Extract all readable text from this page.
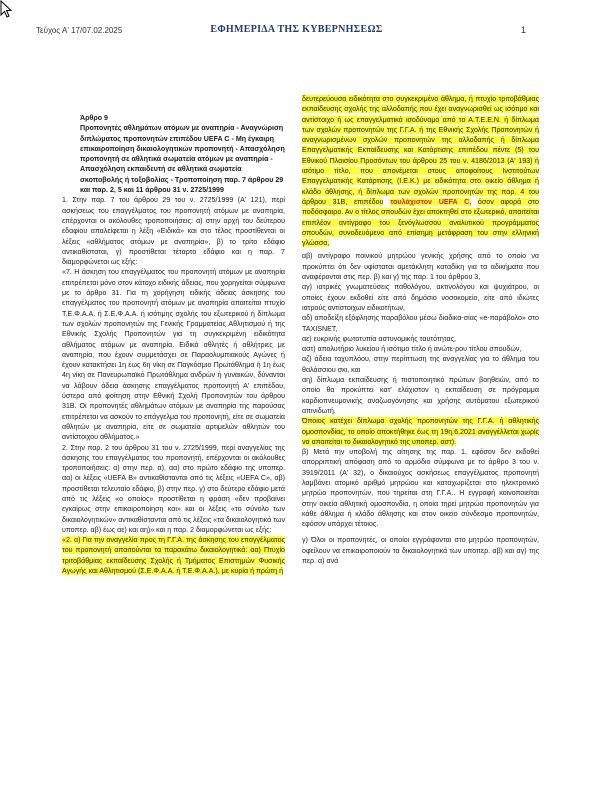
Τεύχος Α' 17/07.02.2025	ΕΦΗΜΕΡΙΔΑ ΤΗΣ ΚΥΒΕΡΝΗΣΕΩΣ	1

Άρθρο 9

Προπονητές αθλημάτων ατόμων με αναπηρία - Αναγνώριση διπλώματος προπονητών επιπέδου UEFA C - Μη έγκαιρη επικαιροποίηση δικαιολογητικών προπονητή - Απασχόληση προπονητή σε αθλητικά σωματεία ατόμων με αναπηρία - Απασχόληση εκπαιδευτή σε αθλητικά σωματεία σκοποβολής ή τοξοβολίας - Τροποποίηση παρ. 7 άρθρου 29 και παρ. 2, 5 και 11 άρθρου 31 ν. 2725/1999

1. Στην παρ. 7 του άρθρου 29 του ν. 2725/1999 (Α' 121), περί ασκήσεως του επαγγέλματος του προπονητή ατόμων με αναπηρία, επέρχονται οι ακόλουθες τροποποιήσεις: α) στην αρχή του δεύτερου εδαφίου απαλείφεται η λέξη «Ειδικά» και στο τέλος προστίθενται οι λέξεις «αθλήματος ατόμων με αναπηρία», β) το τρίτο εδάφιο αντικαθίσταται, γ) προστίθεται τέταρτο εδάφιο και η παρ. 7 διαμορφώνεται ως εξής:

«7. Η άσκηση του επαγγέλματος του προπονητή ατόμων με αναπηρία επιτρέπεται μόνο στον κάτοχο ειδικής άδειας, που χορηγείται σύμφωνα με το άρθρο 31. Για τη χορήγηση ειδικής άδειας άσκησης του επαγγέλματος του προπονητή ατόμων με αναπηρία απαιτείται πτυχίο Τ.Ε.Φ.Α.Α. ή Σ.Ε.Φ.Α.Α. ή ισότιμης σχολής του εξωτερικού ή δίπλωμα των σχολών προπονητών της Γενικής Γραμματείας Αθλητισμού ή της Εθνικής Σχολής Προπονητών για τη συγκεκριμένη ειδικότητα αθλήματος ατόμων με αναπηρία. Ειδικά αθλητές ή αθλήτριες με αναπηρία, που έχουν συμμετάσχει σε Παραολυμπιακούς Αγώνες ή έχουν κατακτήσει 1η έως 6η νίκη σε Παγκόσμιο Πρωτάθλημα ή 1η έως 4η νίκη σε Πανευρωπαϊκό Πρωτάθλημα ανδρών ή γυναικών, δύνανται να λάβουν άδεια άσκησης επαγγέλματος προπονητή Α' επιπέδου, ύστερα από φοίτηση στην Εθνική Σχολή Προπονητών του άρθρου 31Β. Οι προπονητές αθλημάτων ατόμων με αναπηρία της παρούσας επιτρέπεται να ασκούν το επάγγελμα του προπονητή, είτε σε σωματεία αθλητών με αναπηρία, είτε σε σωματεία αρτιμελών αθλητών του αντίστοιχου αθλήματος.»

2. Στην παρ. 2 του άρθρου 31 του ν. 2725/1999, περί αναγγελίας της άσκησης του επαγγέλματος του προπονητή, επέρχονται οι ακόλουθες τροποποιήσεις: α) στην περ. α), αα) στο πρώτο εδάφιο της υποπερ. αα) οι λέξεις «UEFA B» αντικαθίστανται από τις λέξεις «UEFA C», αβ) προστίθεται τελευταίο εδάφιο, β) στην περ. γ) στο δεύτερο εδάφιο μετά από τις λέξεις «ο οποίος» προστίθεται η φράση «δεν προβαίνει εγκαίρως στην επικαιροποίηση και» και οι λέξεις «το σύνολο των δικαιολογητικών» αντικαθίστανται από τις λέξεις «τα δικαιολογητικά των υποπερ. αβ) έως αε) και αη)» και η παρ. 2 διαμορφώνεται ως εξής:

«2. α) Για την αναγγελία προς τη Γ.Γ.Α. της άσκησης του επαγγέλματος του προπονητή απαιτούνται τα παρακάτω δικαιολογητικά: αα) Πτυχίο τριτοβάθμιας εκπαίδευσης Σχολής ή Τμήματος Επιστημών Φυσικής Αγωγής και Αθλητισμού (Σ.Ε.Φ.Α.Α. ή Τ.Ε.Φ.Α.Α.), με κυρία ή πρώτη ή

δευτερεύουσα ειδικότητα στο συγκεκριμένο άθλημα, ή πτυχίο τριτοβάθμιας εκπαίδευσης σχολής της αλλοδαπής που έχει αναγνωρισθεί ως ισότιμο και αντίστοιχο ή ως επαγγελματικά ισοδύναμο από το Α.Τ.Ε.Ε.Ν. ή δίπλωμα των σχολών προπονητών της Γ.Γ.Α. ή της Εθνικής Σχολής Προπονητών ή αναγνωρισμένων σχολών προπονητών της αλλοδαπής ή δίπλωμα Επαγγελματικής Εκπαίδευσης και Κατάρτισης επιπέδου πέντε (5) του Εθνικού Πλαισίου Προσόντων του άρθρου 25 του ν. 4186/2013 (Α' 193) ή ισότιμο τίτλο, που απονέμεται στους αποφοίτους Ινστιτούτων Επαγγελματικής Κατάρτισης (Ι.Ε.Κ.) με ειδικότητα στο οικείο άθλημα ή κλάδο άθλησης, ή δίπλωμα των σχολών προπονητών της παρ. 4 του άρθρου 31Β, επιπέδου τουλάχιστον UEFA C, όσον αφορά στο ποδόσφαιρο. Αν ο τίτλος σπουδών έχει αποκτηθεί στο εξωτερικό, απαιτείται επιπλέον αντίγραφο του ξενόγλωσσου αναλυτικού προγράμματος σπουδών, συνοδευόμενο από επίσημη μετάφραση του στην ελληνική γλώσσα,

αβ) αντίγραφο ποινικού μητρώου γενικής χρήσης από το οποίο να προκύπτει ότι δεν υφίσταται αμετάκλητη καταδίκη για τα αδικήματα που αναφέρονται στις περ. β) και γ) της παρ. 1 του άρθρου 3,

αγ) ιατρικές γνωματεύσεις παθολόγου, ακτινολόγου και ψυχιάτρου, οι οποίες έχουν εκδοθεί είτε από δημόσιο νοσοκομείο, είτε από ιδιώτες ιατρούς αντίστοιχων ειδικοτήτων,

αδ) αποδείξη εξόφλησης παραβόλου μέσω διαδικα-σίας «e-παράβολο» στο TAXISNET,

αε) ευκρινής φωτοτυπία αστυνομικής ταυτότητας,

αστ) απολυτήριο λυκείου ή ισότιμο τίτλο ή ανώτε-ρου τίτλου σπουδών,

αζ) άδεια ταχυπλόου, στην περίπτωση της αναγγελίας για το άθλημα του θαλάσσιου σκι, και

αη) δίπλωμα εκπαίδευσης ή πιστοποιητικό πρώτων βοηθειών, από το οποίο θα προκύπτει κατ' ελάχιστον η εκπαίδευση σε πρόγραμμα καρδιοπνευμονικής αναζωογόνησης και χρήσης αυτόματου εξωτερικού απινιδωτή.

Όποιος κατέχει δίπλωμα σχολής προπονητών της Γ.Γ.Α. ή αθλητικής ομοσπονδίας, το οποίο αποκτήθηκε έως τη 19η.6.2021 αναγγέλλεται χωρίς να απαιτείται το δικαιολογητικό της υποπερ. αστ).

β) Μετά την υποβολή της αίτησης της παρ. 1, εφόσον δεν εκδοθεί απορριπτική απόφαση από το αρμόδιο σύμφωνα με το άρθρο 3 του ν. 3919/2011 (Α' 32), ο δικαιούχος ασκήσεως επαγγέλματος προπονητή λαμβάνει ατομικό αριθμό μητρώου και καταχωρίζεται στο ηλεκτρονικό μητρώο προπονητών, που τηρείται στη Γ.Γ.Α.. Η εγγραφή κοινοποιείται στην οικεία αθλητική ομοσπονδία, η οποία τηρεί μητρώο προπονητών για κάθε άθλημα ή κλάδο άθλησης και στον οικείο σύνδεσμο προπονητών, εφόσον υπάρχει τέτοιος.

γ) Όλοι οι προπονητές, οι οποίοι εγγράφονται στο μητρώο προπονητών, οφείλουν να επικαιροποιούν τα δικαιολογητικά των υποπερ. αβ) και αγ) της περ. α) ανά
